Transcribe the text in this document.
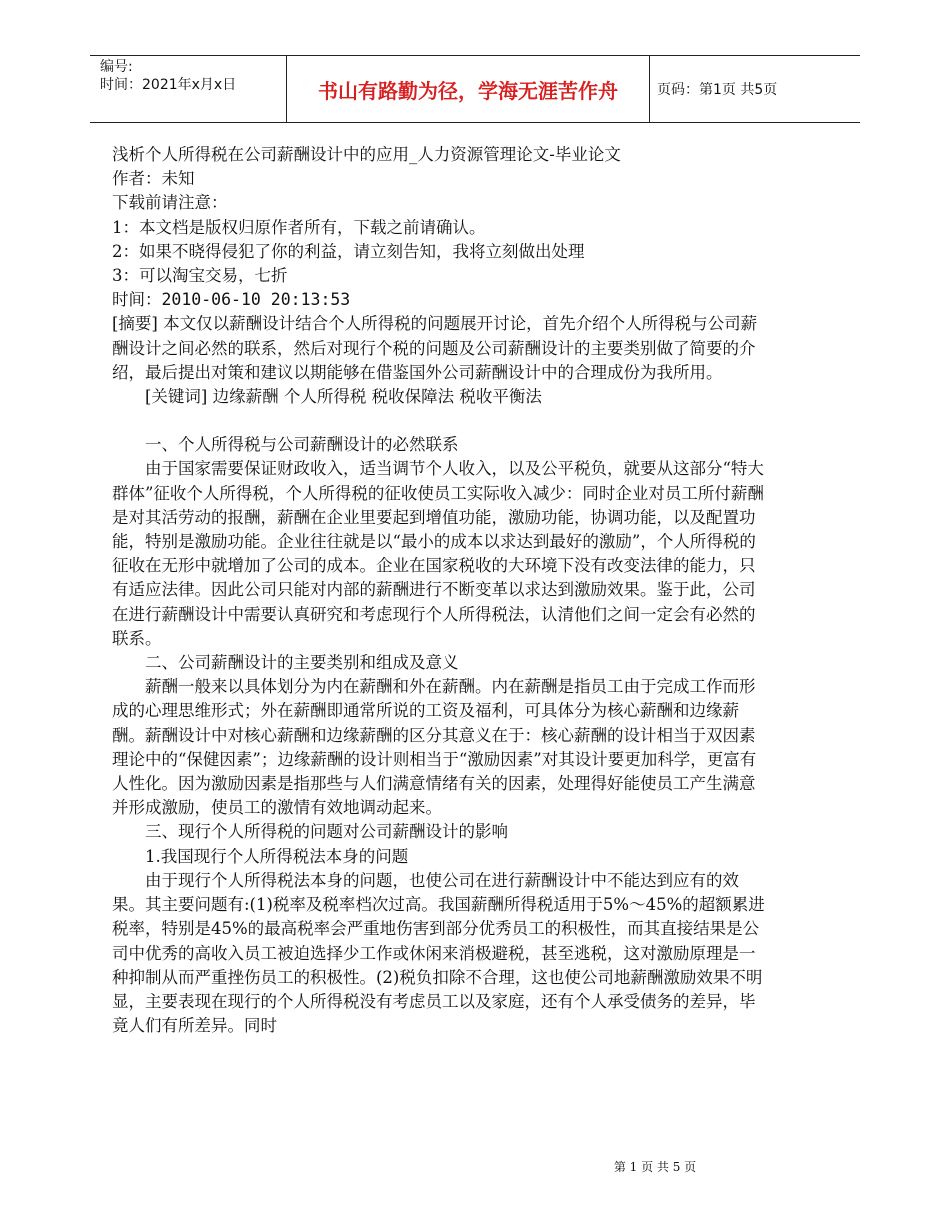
编号:
时间：2021年x月x日	书山有路勤为径，学海无涯苦作舟	页码：第1页 共5页

浅析个人所得税在公司薪酬设计中的应用_人力资源管理论文-毕业论文

作者：未知

下载前请注意：

1：本文档是版权归原作者所有，下载之前请确认。

2：如果不晓得侵犯了你的利益，请立刻告知，我将立刻做出处理

3：可以淘宝交易，七折

时间：2010-06-10 20:13:53

[摘要] 本文仅以薪酬设计结合个人所得税的问题展开讨论，首先介绍个人所得税与公司薪酬设计之间必然的联系，然后对现行个税的问题及公司薪酬设计的主要类别做了简要的介绍，最后提出对策和建议以期能够在借鉴国外公司薪酬设计中的合理成份为我所用。

[关键词] 边缘薪酬 个人所得税 税收保障法 税收平衡法

一、个人所得税与公司薪酬设计的必然联系

由于国家需要保证财政收入，适当调节个人收入，以及公平税负，就要从这部分“特大群体”征收个人所得税，个人所得税的征收使员工实际收入减少：同时企业对员工所付薪酬是对其活劳动的报酬，薪酬在企业里要起到增值功能，激励功能，协调功能，以及配置功能，特别是激励功能。企业往往就是以“最小的成本以求达到最好的激励”，个人所得税的征收在无形中就增加了公司的成本。企业在国家税收的大环境下没有改变法律的能力，只有适应法律。因此公司只能对内部的薪酬进行不断变革以求达到激励效果。鉴于此，公司在进行薪酬设计中需要认真研究和考虑现行个人所得税法，认清他们之间一定会有必然的联系。

二、公司薪酬设计的主要类别和组成及意义

薪酬一般来以具体划分为内在薪酬和外在薪酬。内在薪酬是指员工由于完成工作而形成的心理思维形式；外在薪酬即通常所说的工资及福利，可具体分为核心薪酬和边缘薪酬。薪酬设计中对核心薪酬和边缘薪酬的区分其意义在于：核心薪酬的设计相当于双因素理论中的“保健因素”；边缘薪酬的设计则相当于“激励因素”对其设计要更加科学，更富有人性化。因为激励因素是指那些与人们满意情绪有关的因素，处理得好能使员工产生满意并形成激励，使员工的激情有效地调动起来。

三、现行个人所得税的问题对公司薪酬设计的影响

1.我国现行个人所得税法本身的问题

由于现行个人所得税法本身的问题，也使公司在进行薪酬设计中不能达到应有的效果。其主要问题有:(1)税率及税率档次过高。我国薪酬所得税适用于5%～45%的超额累进税率，特别是45%的最高税率会严重地伤害到部分优秀员工的积极性，而其直接结果是公司中优秀的高收入员工被迫选择少工作或休闲来消极避税，甚至逃税，这对激励原理是一种抑制从而严重挫伤员工的积极性。(2)税负扣除不合理，这也使公司地薪酬激励效果不明显，主要表现在现行的个人所得税没有考虑员工以及家庭，还有个人承受债务的差异，毕竟人们有所差异。同时

第 1 页 共 5 页
